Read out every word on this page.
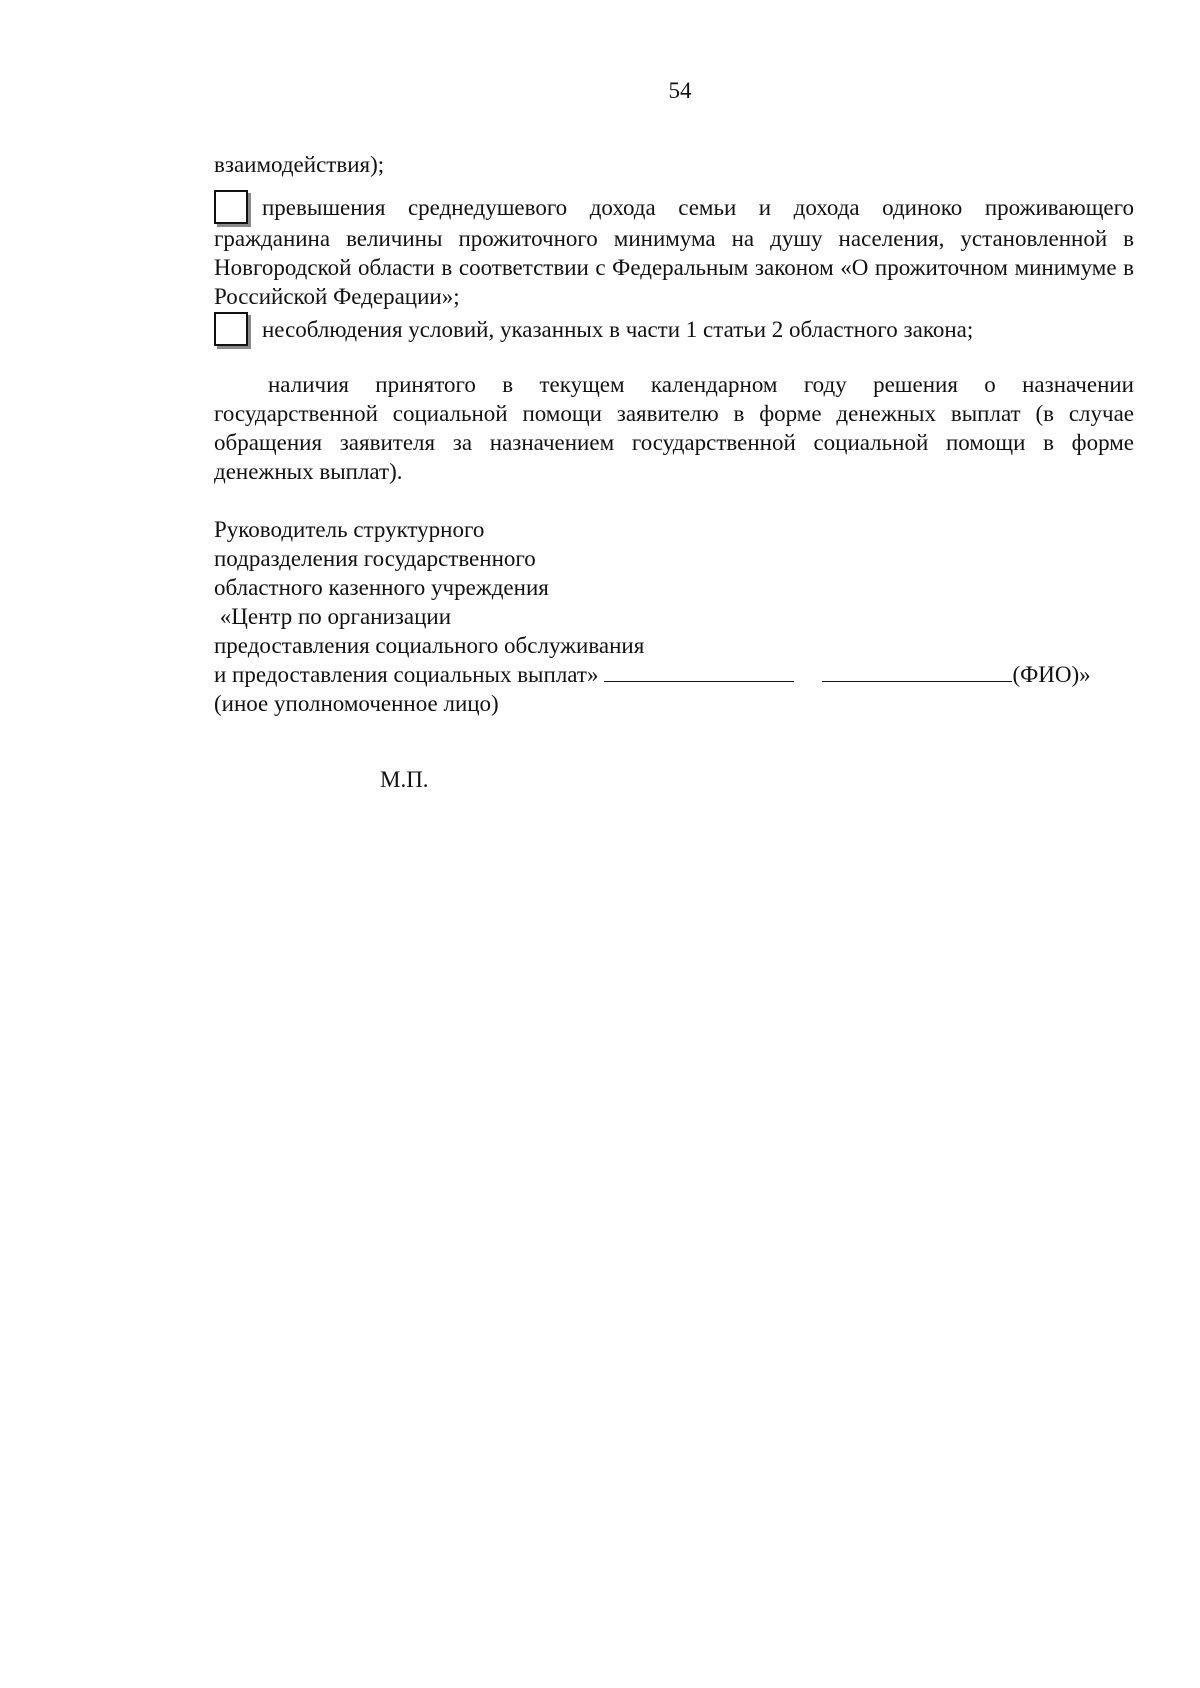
54
взаимодействия);
превышения среднедушевого дохода семьи и дохода одиноко проживающего гражданина величины прожиточного минимума на душу населения, установленной в Новгородской области в соответствии с Федеральным законом «О прожиточном минимуме в Российской Федерации»;
несоблюдения условий, указанных в части 1 статьи 2 областного закона;
наличия принятого в текущем календарном году решения о назначении государственной социальной помощи заявителю в форме денежных выплат (в случае обращения заявителя за назначением государственной социальной помощи в форме денежных выплат).
Руководитель структурного
подразделения государственного
областного казенного учреждения
«Центр по организации
предоставления социального обслуживания
и предоставления социальных выплат»	(ФИО)»
(иное уполномоченное лицо)
М.П.
